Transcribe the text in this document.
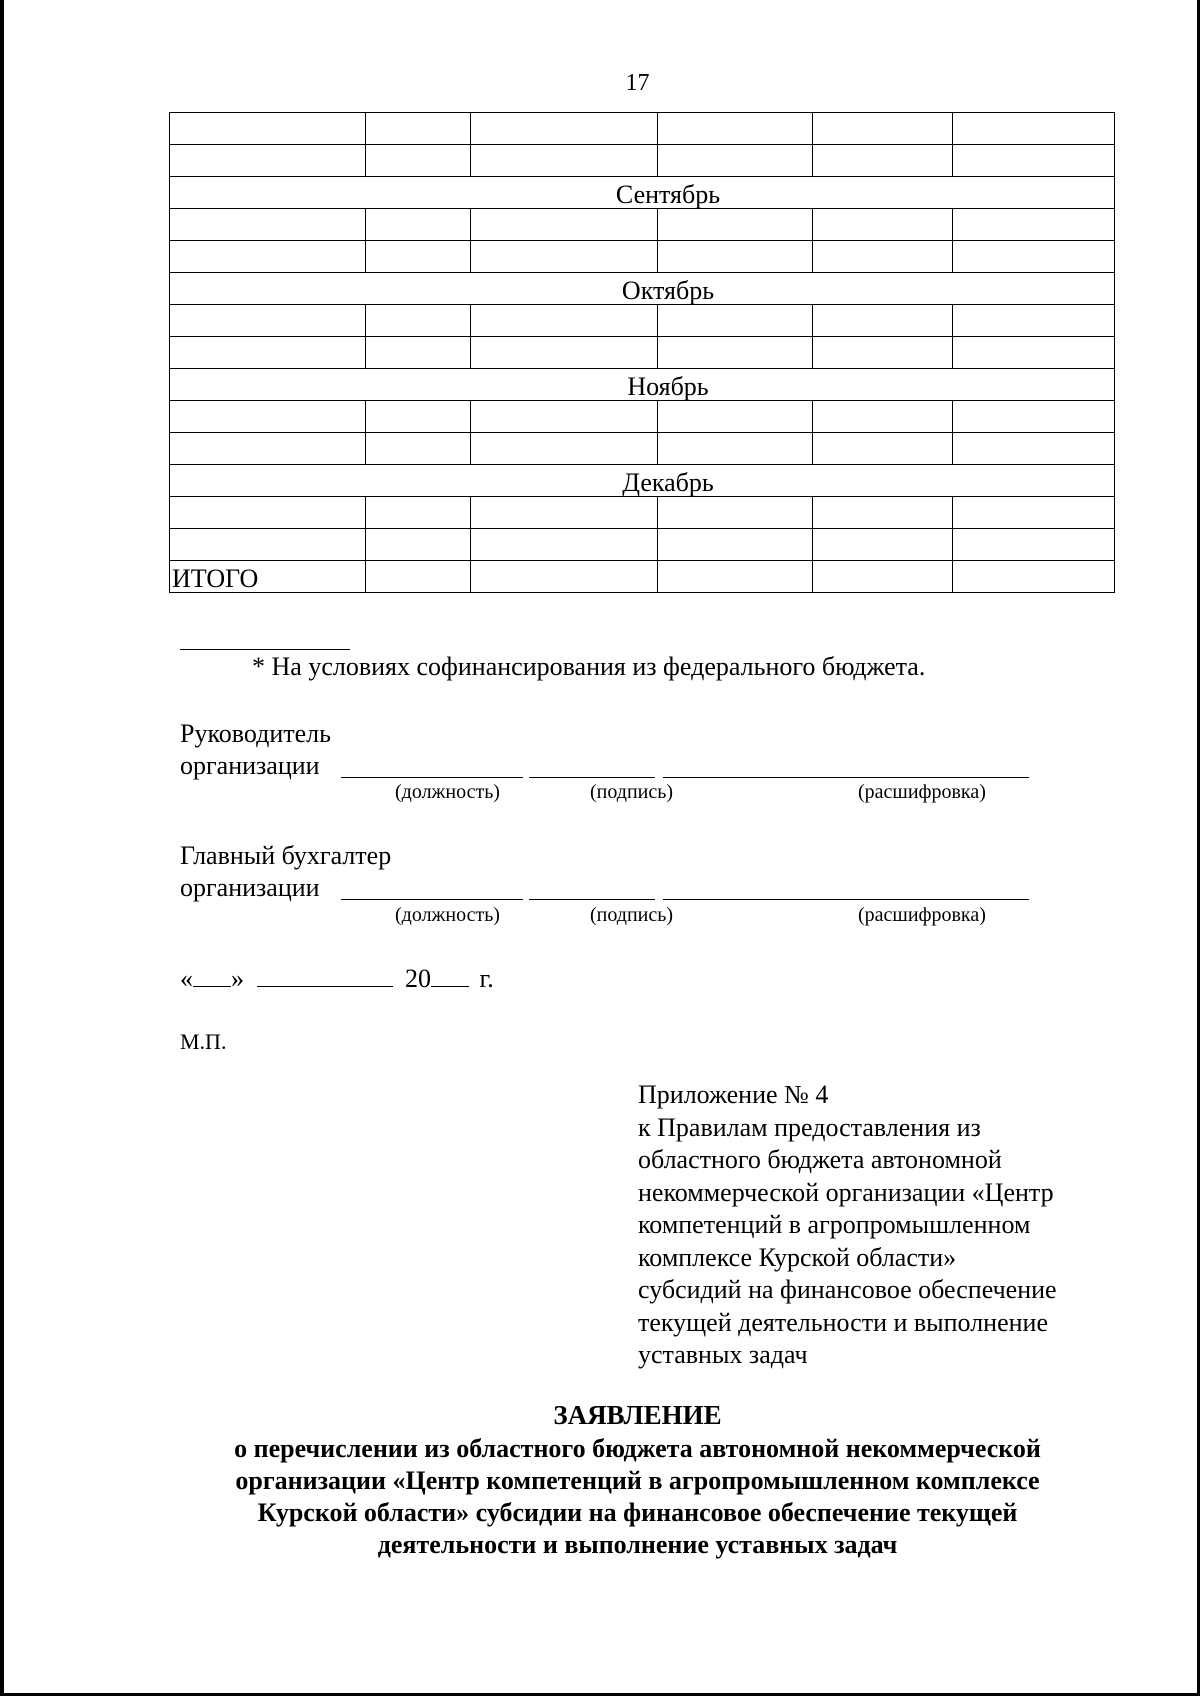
17

Сентябрь					

Октябрь					

Ноябрь					

Декабрь					

ИТОГО					
* На условиях софинансирования из федерального бюджета.
Руководитель
организации
(должность)	(подпись)	(расшифровка)
Главный бухгалтер
организации
(должность)	(подпись)	(расшифровка)
« »	20 г.
М.П.
Приложение № 4
к Правилам предоставления из
областного бюджета автономной
некоммерческой организации «Центр
компетенций в агропромышленном
комплексе Курской области»
субсидий на финансовое обеспечение
текущей деятельности и выполнение
уставных задач
ЗАЯВЛЕНИЕ
о перечислении из областного бюджета автономной некоммерческой
организации «Центр компетенций в агропромышленном комплексе
Курской области» субсидии на финансовое обеспечение текущей
деятельности и выполнение уставных задач
